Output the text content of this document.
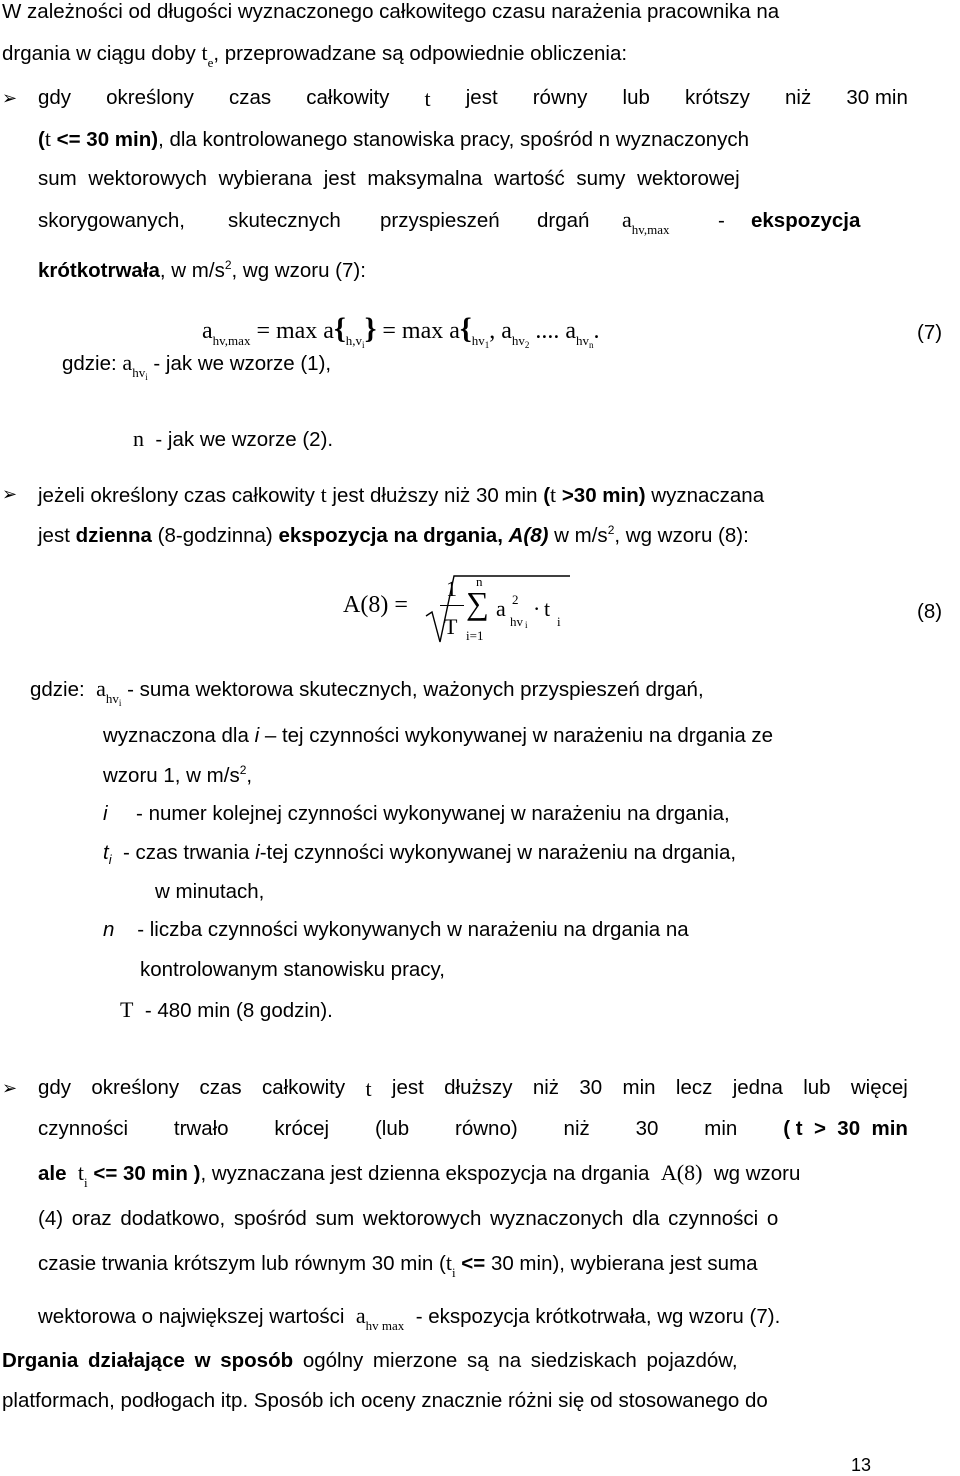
W zależności od długości wyznaczonego całkowitego czasu narażenia pracownika na
drgania w ciągu doby $t_e$, przeprowadzane są odpowiednie obliczenia:
➢ gdy określony czas całkowity t jest równy lub krótszy niż 30 min
(t <= 30 min), dla kontrolowanego stanowiska pracy, spośród n wyznaczonych
sum wektorowych wybierana jest maksymalna wartość sumy wektorowej
skorygowanych, skutecznych przyspieszeń drgań $a_{hv,max}$ - ekspozycja
krótkotrwała, w $m/s^2$, wg wzoru (7):
$a_{hv,max} = \max a\{_{h,vi}\} = \max a\{_{hv1}$, $a_{hv2}$ .... $a_{hvn}$.	(7)
gdzie: $a_{hvi}$ - jak we wzorze (1),
n - jak we wzorze (2).
➢ jeżeli określony czas całkowity t jest dłuższy niż 30 min (t >30 min) wyznaczana
jest dzienna (8-godzinna) ekspozycja na drgania, A(8) w $m/s^2$, wg wzoru (8):
A(8) =
1
T
n
∑
i=1
a 2
hv i
· t
i	(8)
gdzie: $a_{hvi}$ - suma wektorowa skutecznych, ważonych przyspieszeń drgań,
wyznaczona dla i – tej czynności wykonywanej w narażeniu na drgania ze
wzoru 1, w $m/s^2$,
i - numer kolejnej czynności wykonywanej w narażeniu na drgania,
$t_i$ - czas trwania i-tej czynności wykonywanej w narażeniu na drgania,
w minutach,
n - liczba czynności wykonywanych w narażeniu na drgania na
kontrolowanym stanowisku pracy,
T - 480 min (8 godzin).
➢ gdy określony czas całkowity t jest dłuższy niż 30 min lecz jedna lub więcej
czynności trwało krócej (lub równo) niż 30 min ( t  >  30  min
ale $t_i <= 30$ min ), wyznaczana jest dzienna ekspozycja na drgania A(8) wg wzoru
(4) oraz dodatkowo, spośród sum wektorowych wyznaczonych dla czynności o
czasie trwania krótszym lub równym 30 $\min (t_i <= 30$ min), wybierana jest suma
wektorowa o największej wartości $a_{hv max}$ - ekspozycja krótkotrwała, wg wzoru (7).
Drgania działające w sposób ogólny mierzone są na siedziskach pojazdów,
platformach, podłogach itp. Sposób ich oceny znacznie różni się od stosowanego do
13
